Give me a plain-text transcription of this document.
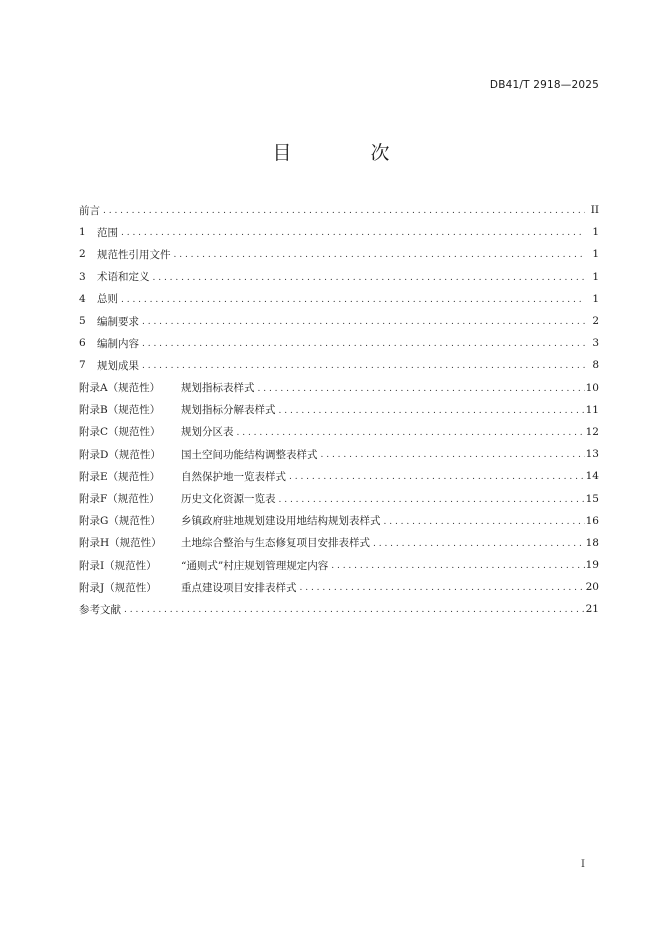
DB41/T 2918—2025
目　次
前言 . . .	II
1	范围 . . .	1
2	规范性引用文件 . . .	1
3	术语和定义 . . .	1
4	总则 . . .	1
5	编制要求 . . .	2
6	编制内容 . . .	3
7	规划成果 . . .	8
附录A（规范性）	规划指标表样式 . . .	10
附录B（规范性）	规划指标分解表样式 . . .	11
附录C（规范性）	规划分区表 . . .	12
附录D（规范性）	国土空间功能结构调整表样式 . . .	13
附录E（规范性）	自然保护地一览表样式 . . .	14
附录F（规范性）	历史文化资源一览表 . . .	15
附录G（规范性）	乡镇政府驻地规划建设用地结构规划表样式 . . .	16
附录H（规范性）	土地综合整治与生态修复项目安排表样式 . . .	18
附录I（规范性）	“通则式”村庄规划管理规定内容 . . .	19
附录J（规范性）	重点建设项目安排表样式 . . .	20
参考文献 . . .	21
I
